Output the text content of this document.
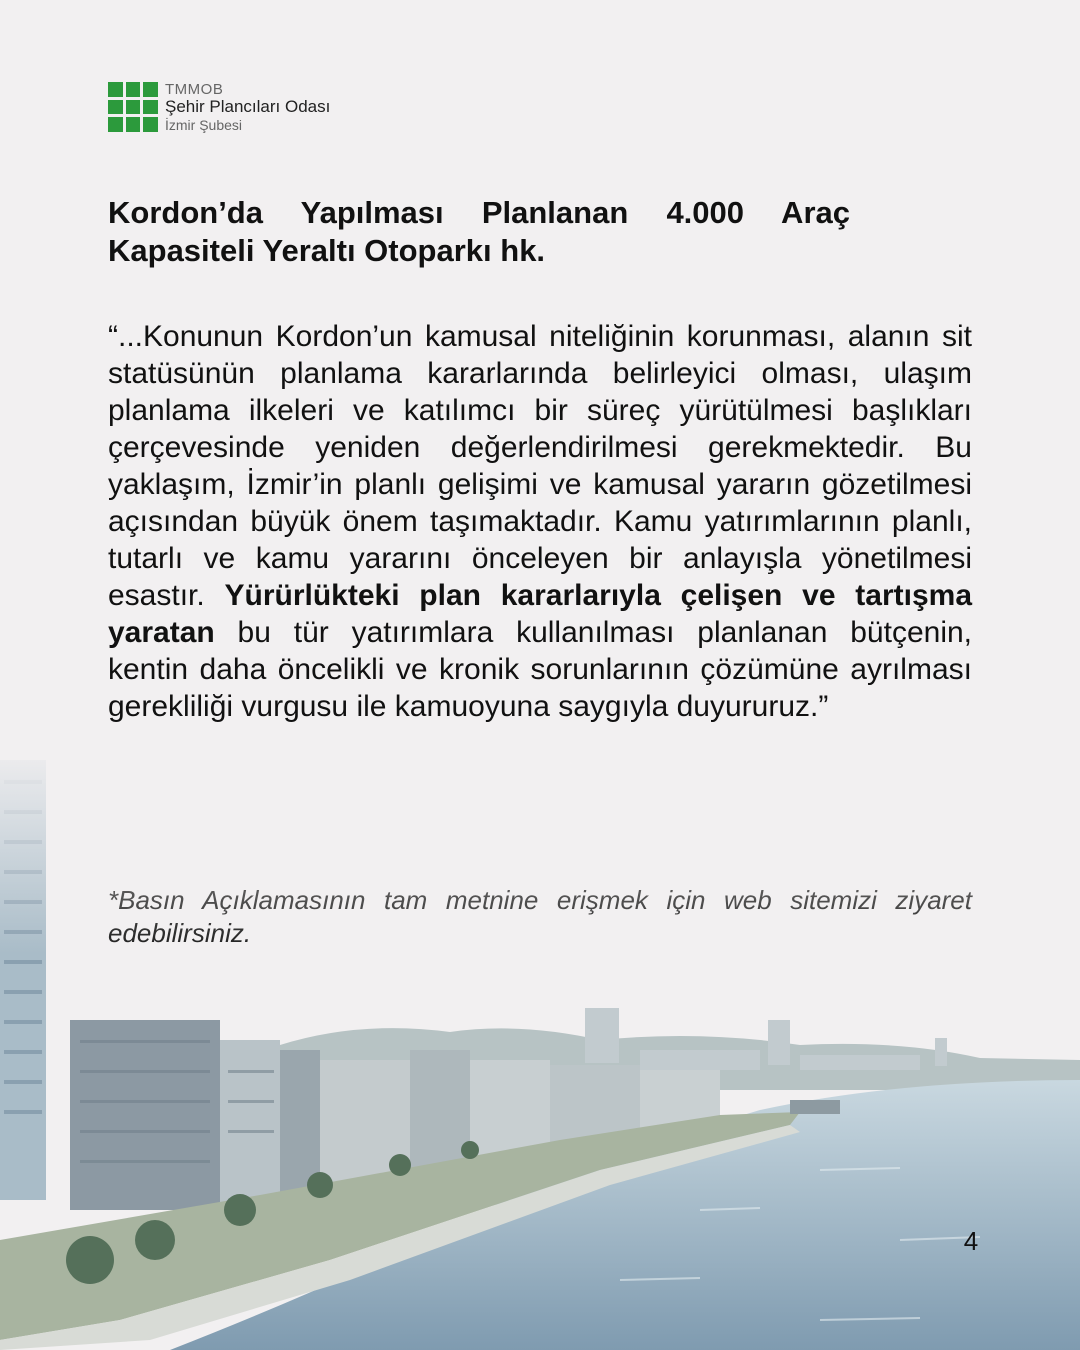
TMMOB
Şehir Plancıları Odası
İzmir Şubesi
Kordon’da Yapılması Planlanan 4.000 Araç
Kapasiteli Yeraltı Otoparkı hk.

“...Konunun Kordon’un kamusal niteliğinin korunması, alanın sit statüsünün planlama kararlarında belirleyici olması, ulaşım planlama ilkeleri ve katılımcı bir süreç yürütülmesi başlıkları çerçevesinde yeniden değerlendirilmesi gerekmektedir. Bu yaklaşım, İzmir’in planlı gelişimi ve kamusal yararın gözetilmesi açısından büyük önem taşımaktadır. Kamu yatırımlarının planlı, tutarlı ve kamu yararını önceleyen bir anlayışla yönetilmesi esastır. Yürürlükteki plan kararlarıyla çelişen ve tartışma yaratan bu tür yatırımlara kullanılması planlanan bütçenin, kentin daha öncelikli ve kronik sorunlarının çözümüne ayrılması gerekliliği vurgusu ile kamuoyuna saygıyla duyururuz.”

4
